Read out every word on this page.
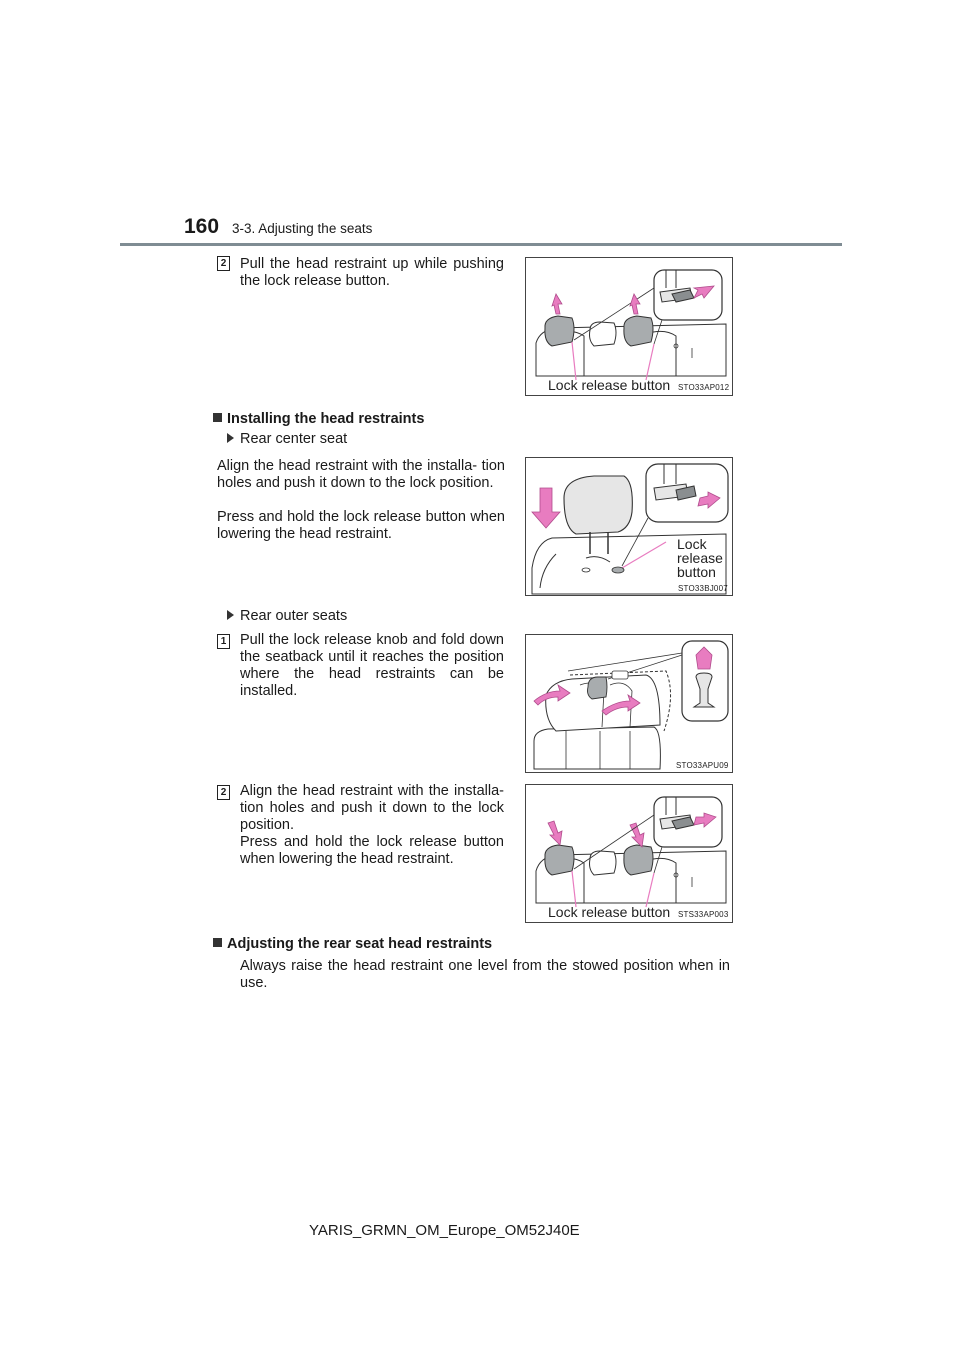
160 3-3. Adjusting the seats
2 Pull the head restraint up while pushing the lock release button.
Lock release button STO33AP012
Installing the head restraints
Rear center seat
Align the head restraint with the installa- tion holes and push it down to the lock position.
Press and hold the lock release button when lowering the head restraint.
Lock
release
button
STO33BJ007
Rear outer seats
1 Pull the lock release knob and fold down the seatback until it reaches the position where the head restraints can be installed.
STO33APU09
2 Align the head restraint with the installa- tion holes and push it down to the lock position.
Press and hold the lock release button when lowering the head restraint.
Lock release button STS33AP003
Adjusting the rear seat head restraints
Always raise the head restraint one level from the stowed position when in use.
YARIS_GRMN_OM_Europe_OM52J40E
